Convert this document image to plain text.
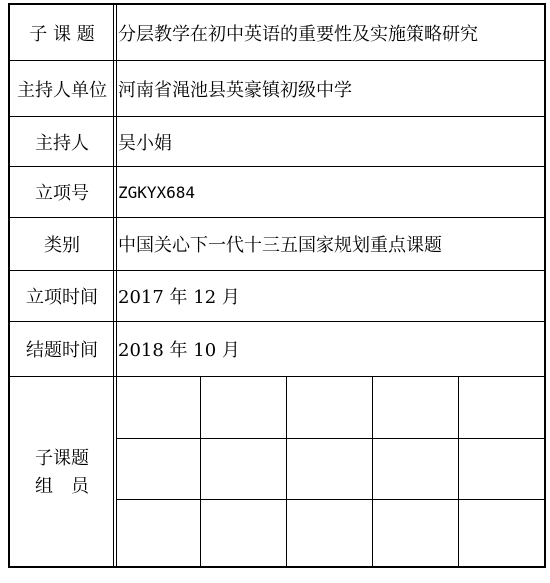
子 课 题	分层教学在初中英语的重要性及实施策略研究
主持人单位 河南省渑池县英豪镇初级中学
主持人	吴小娟
立项号	ZGKYX684
类别	中国关心下一代十三五国家规划重点课题
立项时间	2017 年 12 月
结题时间	2018 年 10 月
子课题
组　员
